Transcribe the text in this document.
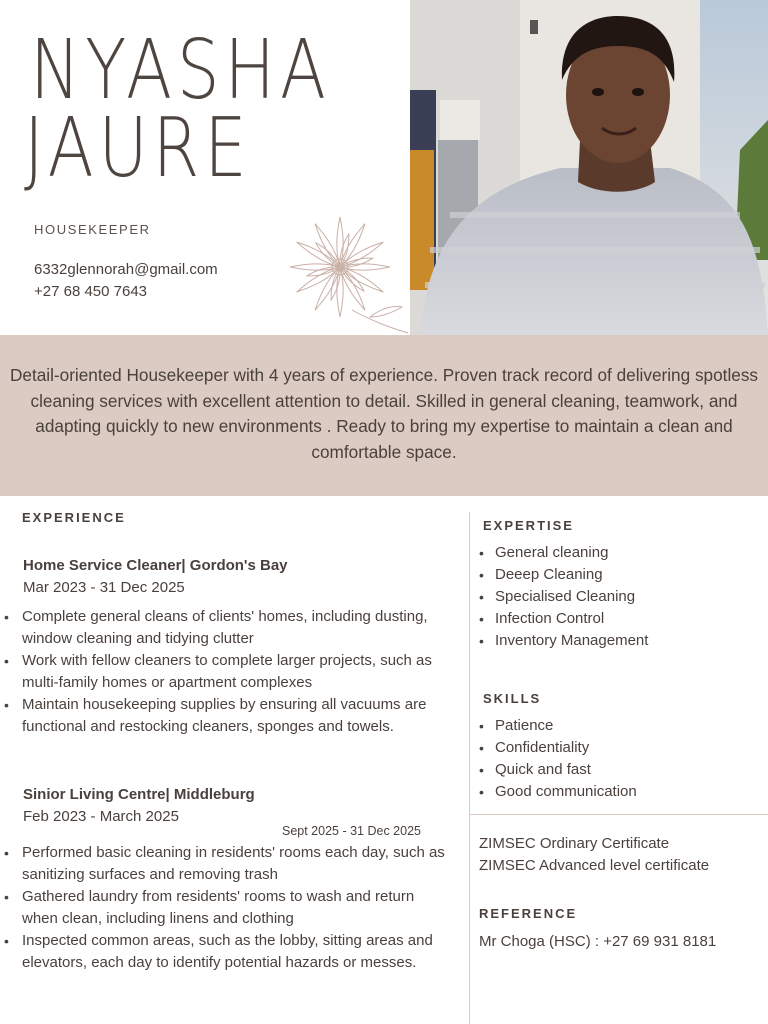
NYASHA
JAURE
HOUSEKEEPER
6332glennorah@gmail.com
+27 68 450 7643

Detail-oriented Housekeeper with 4 years of experience. Proven track record of delivering spotless cleaning services with excellent attention to detail. Skilled in general cleaning, teamwork, and adapting quickly to new environments . Ready to bring my expertise to maintain a clean and comfortable space.

EXPERIENCE
Home Service Cleaner| Gordon's Bay
Mar 2023 - 31 Dec 2025
• Complete general cleans of clients' homes, including dusting, window cleaning and tidying clutter
• Work with fellow cleaners to complete larger projects, such as multi-family homes or apartment complexes
• Maintain housekeeping supplies by ensuring all vacuums are functional and restocking cleaners, sponges and towels.
Sinior Living Centre| Middleburg
Feb 2023 - March 2025
Sept 2025 - 31 Dec 2025
• Performed basic cleaning in residents' rooms each day, such as sanitizing surfaces and removing trash
• Gathered laundry from residents' rooms to wash and return when clean, including linens and clothing
• Inspected common areas, such as the lobby, sitting areas and elevators, each day to identify potential hazards or messes.
EXPERTISE
• General cleaning
• Deeep Cleaning
• Specialised Cleaning
• Infection Control
• Inventory Management
SKILLS
• Patience
• Confidentiality
• Quick and fast
• Good communication
ZIMSEC Ordinary Certificate
ZIMSEC Advanced level certificate
REFERENCE
Mr Choga (HSC) : +27 69 931 8181
